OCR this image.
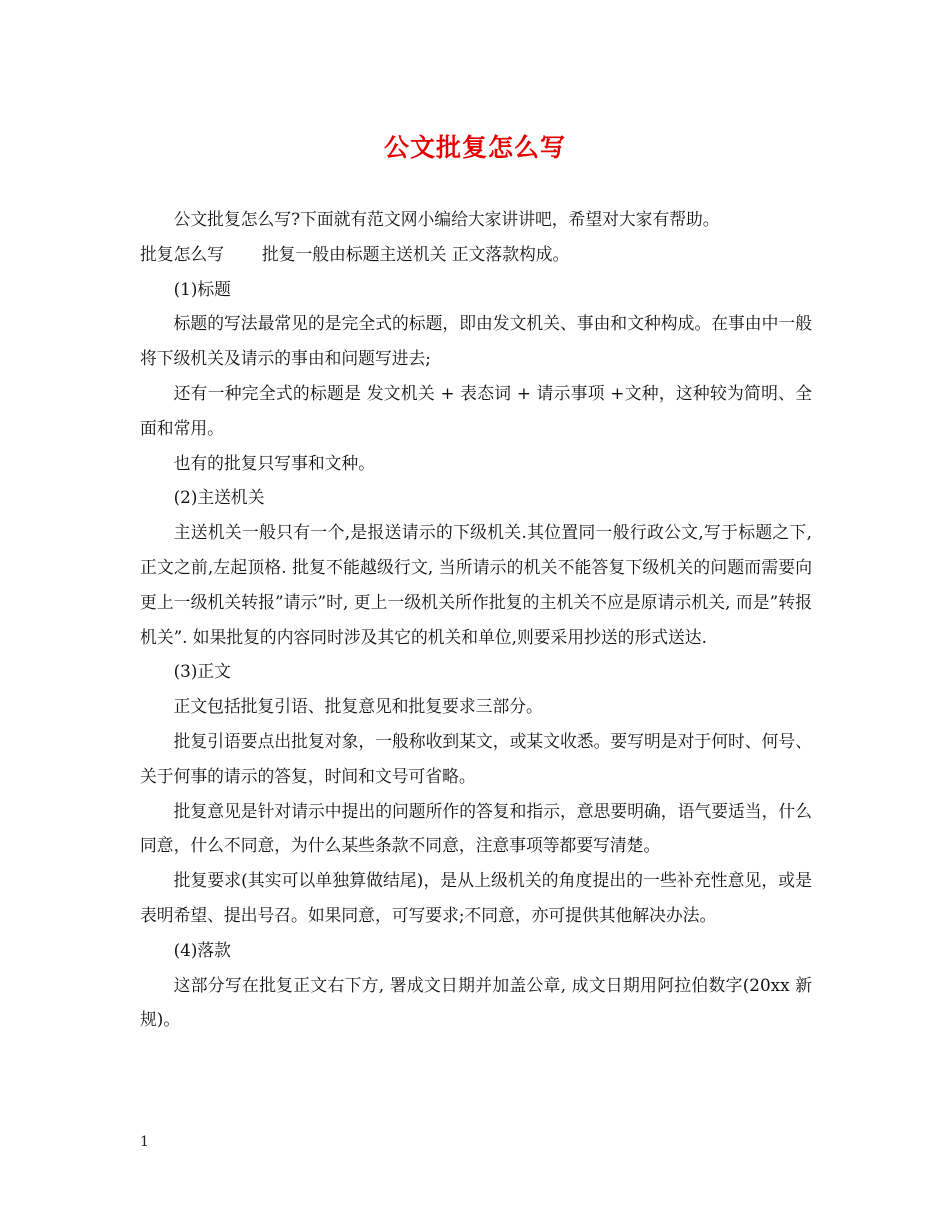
公文批复怎么写

公文批复怎么写?下面就有范文网小编给大家讲讲吧，希望对大家有帮助。

批复怎么写 批复一般由标题主送机关 正文落款构成。

(1)标题

标题的写法最常见的是完全式的标题，即由发文机关、事由和文种构成。在事由中一般将下级机关及请示的事由和问题写进去;

还有一种完全式的标题是 发文机关 + 表态词 + 请示事项 +文种，这种较为简明、全面和常用。

也有的批复只写事和文种。

(2)主送机关

主送机关一般只有一个,是报送请示的下级机关.其位置同一般行政公文,写于标题之下,正文之前,左起顶格. 批复不能越级行文, 当所请示的机关不能答复下级机关的问题而需要向更上一级机关转报”请示”时, 更上一级机关所作批复的主机关不应是原请示机关, 而是”转报机关”. 如果批复的内容同时涉及其它的机关和单位,则要采用抄送的形式送达.

(3)正文

正文包括批复引语、批复意见和批复要求三部分。

批复引语要点出批复对象，一般称收到某文，或某文收悉。要写明是对于何时、何号、关于何事的请示的答复，时间和文号可省略。

批复意见是针对请示中提出的问题所作的答复和指示，意思要明确，语气要适当，什么同意，什么不同意，为什么某些条款不同意，注意事项等都要写清楚。

批复要求(其实可以单独算做结尾)，是从上级机关的角度提出的一些补充性意见，或是表明希望、提出号召。如果同意，可写要求;不同意，亦可提供其他解决办法。

(4)落款

这部分写在批复正文右下方, 署成文日期并加盖公章, 成文日期用阿拉伯数字(20xx 新规)。

1
